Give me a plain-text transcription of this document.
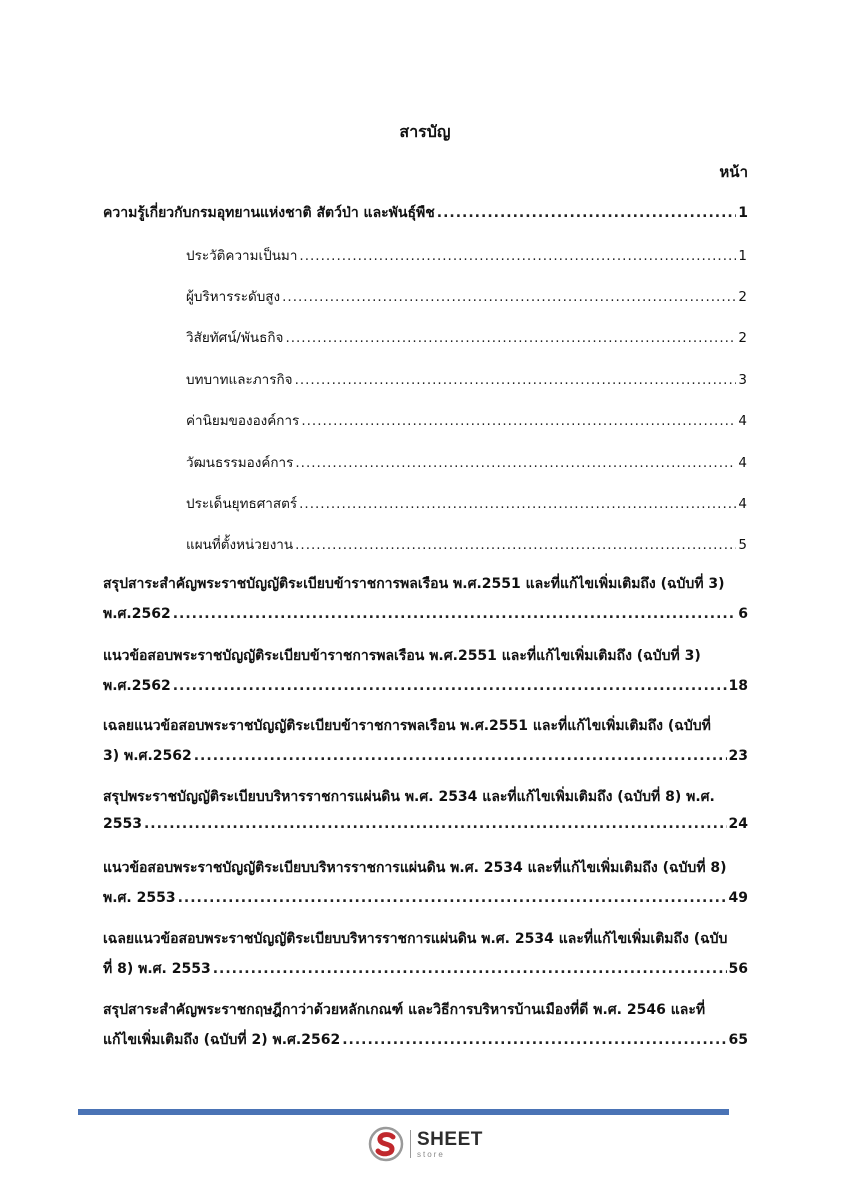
สารบัญ
หน้า
ความรู้เกี่ยวกับกรมอุทยานแห่งชาติ สัตว์ป่า และพันธุ์พืช .....	1
ประวัติความเป็นมา .....	1
ผู้บริหารระดับสูง .....	2
วิสัยทัศน์/พันธกิจ .....	2
บทบาทและภารกิจ .....	3
ค่านิยมขององค์การ .....	4
วัฒนธรรมองค์การ .....	4
ประเด็นยุทธศาสตร์ .....	4
แผนที่ตั้งหน่วยงาน .....	5
สรุปสาระสำคัญพระราชบัญญัติระเบียบข้าราชการพลเรือน พ.ศ.2551 และที่แก้ไขเพิ่มเติมถึง (ฉบับที่ 3)
พ.ศ.2562 .....	6
แนวข้อสอบพระราชบัญญัติระเบียบข้าราชการพลเรือน พ.ศ.2551 และที่แก้ไขเพิ่มเติมถึง (ฉบับที่ 3)
พ.ศ.2562 .....	18
เฉลยแนวข้อสอบพระราชบัญญัติระเบียบข้าราชการพลเรือน พ.ศ.2551 และที่แก้ไขเพิ่มเติมถึง (ฉบับที่
3) พ.ศ.2562 .....	23
สรุปพระราชบัญญัติระเบียบบริหารราชการแผ่นดิน พ.ศ. 2534 และที่แก้ไขเพิ่มเติมถึง (ฉบับที่ 8) พ.ศ.
2553 .....	24
แนวข้อสอบพระราชบัญญัติระเบียบบริหารราชการแผ่นดิน พ.ศ. 2534 และที่แก้ไขเพิ่มเติมถึง (ฉบับที่ 8)
พ.ศ. 2553 .....	49
เฉลยแนวข้อสอบพระราชบัญญัติระเบียบบริหารราชการแผ่นดิน พ.ศ. 2534 และที่แก้ไขเพิ่มเติมถึง (ฉบับ
ที่ 8) พ.ศ. 2553 .....	56
สรุปสาระสำคัญพระราชกฤษฎีกาว่าด้วยหลักเกณฑ์ และวิธีการบริหารบ้านเมืองที่ดี พ.ศ. 2546 และที่
แก้ไขเพิ่มเติมถึง (ฉบับที่ 2) พ.ศ.2562 .....	65
SHEET
store
